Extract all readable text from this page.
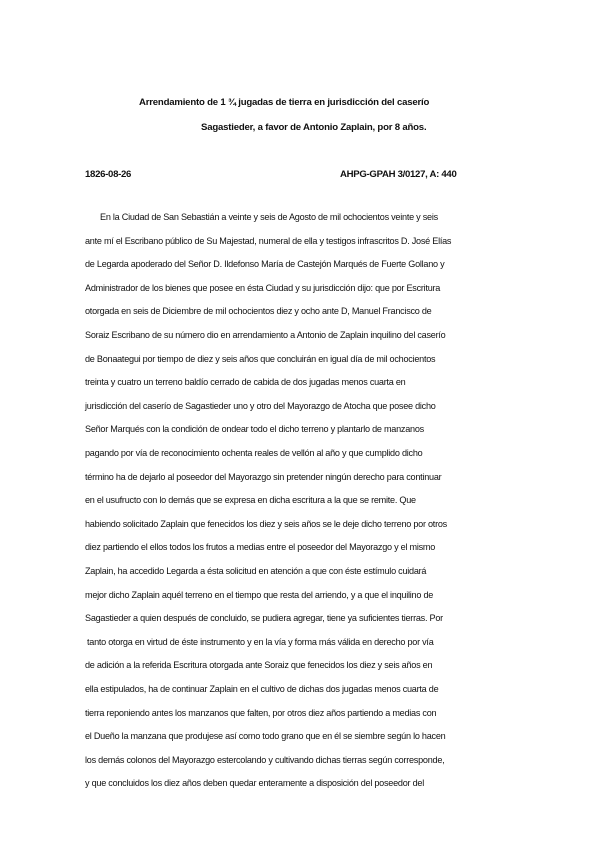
Arrendamiento de 1 ¾ jugadas de tierra en jurisdicción del caserío
Sagastieder, a favor de Antonio Zaplain, por 8 años.
1826-08-26	AHPG-GPAH 3/0127, A: 440
En la Ciudad de San Sebastián a veinte y seis de Agosto de mil ochocientos veinte y seis
ante mí el Escribano público de Su Majestad, numeral de ella y testigos infrascritos D. José Elías
de Legarda apoderado del Señor D. Ildefonso María de Castejón Marqués de Fuerte Gollano y
Administrador de los bienes que posee en ésta Ciudad y su jurisdicción dijo: que por Escritura
otorgada en seis de Diciembre de mil ochocientos diez y ocho ante D, Manuel Francisco de
Soraiz Escribano de su número dio en arrendamiento a Antonio de Zaplain inquilino del caserío
de Bonaategui por tiempo de diez y seis años que concluirán en igual día de mil ochocientos
treinta y cuatro un terreno baldío cerrado de cabida de dos jugadas menos cuarta en
jurisdicción del caserío de Sagastieder uno y otro del Mayorazgo de Atocha que posee dicho
Señor Marqués con la condición de ondear todo el dicho terreno y plantarlo de manzanos
pagando por vía de reconocimiento ochenta reales de vellón al año y que cumplido dicho
término ha de dejarlo al poseedor del Mayorazgo sin pretender ningún derecho para continuar
en el usufructo con lo demás que se expresa en dicha escritura a la que se remite. Que
habiendo solicitado Zaplain que fenecidos los diez y seis años se le deje dicho terreno por otros
diez partiendo el ellos todos los frutos a medias entre el poseedor del Mayorazgo y el mismo
Zaplain, ha accedido Legarda a ésta solicitud en atención a que con éste estímulo cuidará
mejor dicho Zaplain aquél terreno en el tiempo que resta del arriendo, y a que el inquilino de
Sagastieder a quien después de concluido, se pudiera agregar, tiene ya suficientes tierras. Por
tanto otorga en virtud de éste instrumento y en la vía y forma más válida en derecho por vía
de adición a la referida Escritura otorgada ante Soraiz que fenecidos los diez y seis años en
ella estipulados, ha de continuar Zaplain en el cultivo de dichas dos jugadas menos cuarta de
tierra reponiendo antes los manzanos que falten, por otros diez años partiendo a medias con
el Dueño la manzana que produjese así como todo grano que en él se siembre según lo hacen
los demás colonos del Mayorazgo estercolando y cultivando dichas tierras según corresponde,
y que concluidos los diez años deben quedar enteramente a disposición del poseedor del
